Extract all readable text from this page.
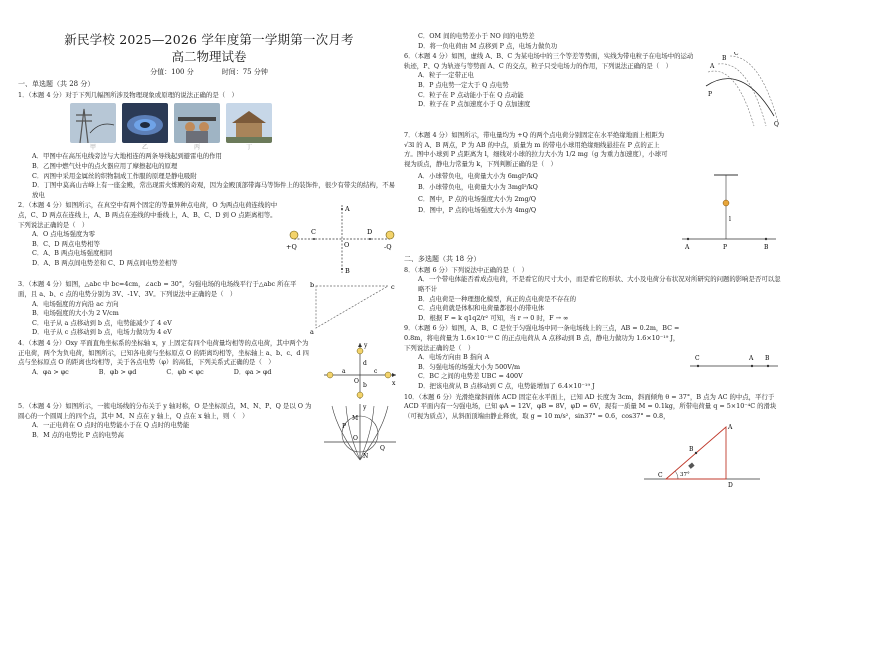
新民学校 2025—2026 学年度第一学期第一次月考
高二物理试卷
分值：100 分　　　　时间：75 分钟
一、单选题（共 28 分）
1．（本题 4 分）对于下列几幅图所涉及物理现象或原理的说法正确的是（　）
甲	乙	丙	丁
A．甲图中在高压电线旁边与大地相连的两条导线起到避雷电的作用
B．乙图中燃气灶中的点火器应用了摩擦起电的原理
C．丙图中采用金属丝的织物制成工作服的原理是静电吸附
D．丁图中莫高山古峰上有一座金殿，常出现雷火炼殿的奇观，因为金殿顶部带海马等饰件上的装饰件，很少有带尖的结构，不易放电
2．（本题 4 分）如图所示，在真空中有两个固定的等量异种点电荷，O 为两点电荷连线的中点，C、D 两点在连线上，A、B 两点在连线的中垂线上，A、B、C、D 到 O 点距离相等。下列说法正确的是（　）
A．O 点电场强度为零
B．C、D 两点电势相等
C．A、B 两点电场强度相同
D．A、B 两点间电势差和 C、D 两点间电势差相等
+Q	-Q
C
O
D
A
B
3．（本题 4 分）如图，△abc 中 bc=4cm，∠acb = 30°，匀强电场的电场线平行于△abc 所在平面，且 a、b、c 点的电势分别为 3V、-1V、3V。下列说法中正确的是（　）
A．电场强度的方向沿 ac 方向
B．电场强度的大小为 2 V/cm
C．电子从 a 点移动到 b 点，电势能减少了 4 eV
D．电子从 c 点移动到 b 点，电场力做功为 4 eV
b	c
a
4．（本题 4 分）Oxy 平面直角坐标系的坐标轴 x，y 上固定有四个电荷量均相等的点电荷，其中两个为正电荷，两个为负电荷，如图所示，已知各电荷与坐标原点 O 的距离均相等，坐标轴上 a、b、c、d 四点与坐标原点 O 的距离也均相等，关于各点电势（φ）的高低，下列关系式正确的是（　）
A．φa > φc	B．φb > φd	C．φb < φc	D．φa > φd
y
x
O
d
a	c
b
5．（本题 4 分）如图所示，一簇电场线的分布关于 y 轴对称，O 是坐标原点，M、N、P、Q 是以 O 为圆心的一个圆周上的四个点，其中 M、N 点在 y 轴上，Q 点在 x 轴上，则（　）
A．一正电荷在 O 点时的电势能小于在 Q 点时的电势能
B．M 点的电势比 P 点的电势高
y
M
P
N
O
Q
C．OM 间的电势差小于 NO 间的电势差
D．将一负电荷由 M 点移到 P 点，电场力做负功
6．（本题 4 分）如图，虚线 A、B、C 为某电场中的三个等差等势面，实线为带电粒子在电场中的运动轨迹，P、Q 为轨迹与等势面 A、C 的交点，粒子只受电场力的作用，下列说法正确的是（　）
A．粒子一定带正电
B．P 点电势一定大于 Q 点电势
C．粒子在 P 点动能小于在 Q 点动能
D．粒子在 P 点加速度小于 Q 点加速度
A
B
C
P
Q
7．（本题 4 分）如图所示，带电量均为 +Q 的两个点电荷分别固定在水平绝缘地面上相距为 √3l 的 A、B 两点，P 为 AB 的中点，质量为 m 的带电小球用绝缘细线悬挂在 P 点的正上方。图中小球到 P 点距离为 l，细线对小球的拉力大小为 1/2 mg（g 为重力加速度），小球可视为质点，静电力常量为 k，下列判断正确的是（　）
A．小球带负电，电荷量大小为 6mgl²/kQ
B．小球带负电，电荷量大小为 3mgl²/kQ
C．图中，P 点的电场强度大小为 2mg/Q
D．图中，P 点的电场强度大小为 4mg/Q
l
A	P	B
二、多选题（共 18 分）
8．（本题 6 分）下列说法中正确的是（　）
A．一个带电体能否看成点电荷，不是看它的尺寸大小，而是看它的形状、大小及电荷分布状况对所研究的问题的影响是否可以忽略不计
B．点电荷是一种理想化模型，真正的点电荷是不存在的
C．点电荷就是体积和电荷量都很小的带电体
D．根据 F = k q1q2/r² 可知，当 r → 0 时，F → ∞
9．（本题 6 分）如图，A、B、C 是位于匀强电场中同一条电场线上的三点，AB = 0.2m，BC = 0.8m，将电荷量为 1.6×10⁻¹⁹ C 的正点电荷从 A 点移动到 B 点，静电力做功为 1.6×10⁻¹⁹ J，下列说法正确的是（　）
A．电场方向由 B 指向 A
B．匀强电场的场强大小为 500V/m
C．BC 之间的电势差 UBC = 400V
D．把该电荷从 B 点移动到 C 点，电势能增加了 6.4×10⁻¹⁹ J
C	A B
10．（本题 6 分）光滑绝缘斜面体 ACD 固定在水平面上，已知 AD 长度为 3cm，斜面倾角 θ = 37°，B 点为 AC 的中点，平行于 ACD 平面内有一匀强电场，已知 φA = 12V，φB = 8V，φD = 6V，现有一质量 M = 0.1kg，所带电荷量 q = 5×10⁻⁴C 的滑块（可视为质点），从斜面顶端由静止释放，取 g = 10 m/s²，sin37° = 0.6，cos37° = 0.8，
A
B
C
D
37°
